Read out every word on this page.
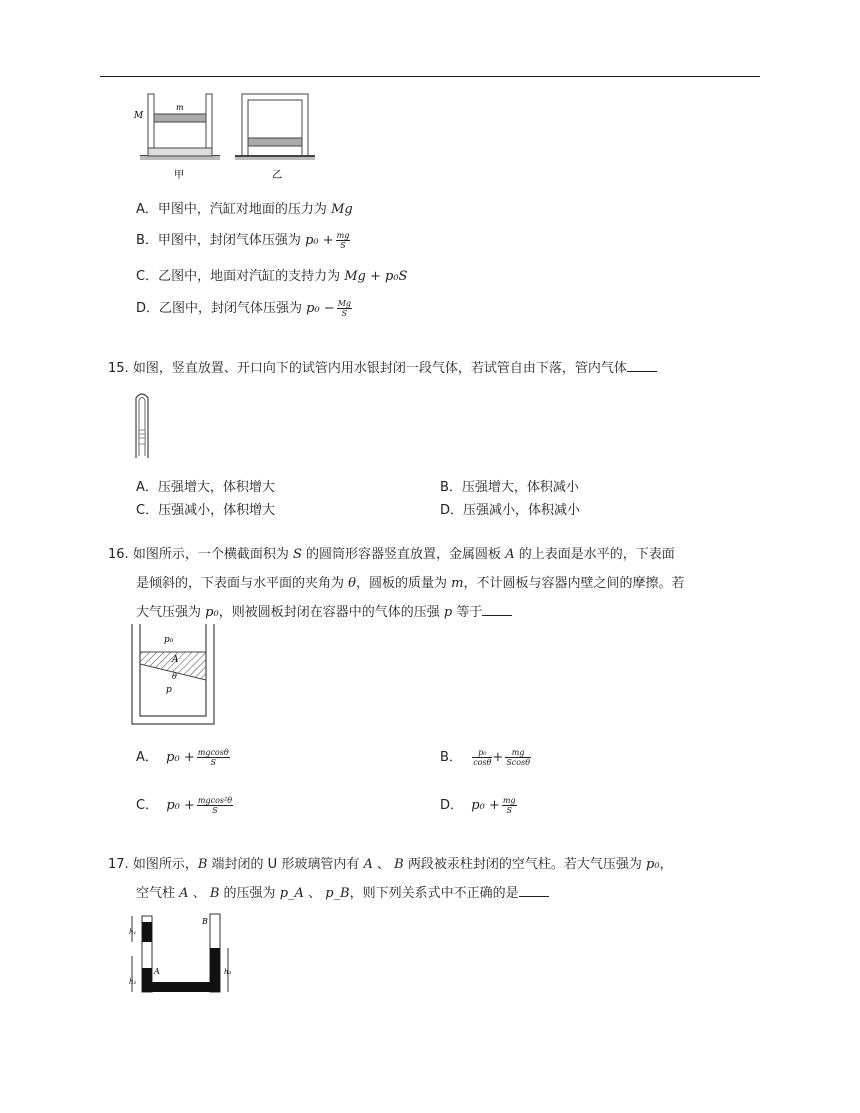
m
M
甲	乙
A．甲图中，汽缸对地面的压力为 Mg
B．甲图中，封闭气体压强为 $p_0 + \frac{mg}{S}$
C．乙图中，地面对汽缸的支持力为 Mg + p₀S
D．乙图中，封闭气体压强为 $p_0 - \frac{Mg}{S}$
15. 如图，竖直放置、开口向下的试管内用水银封闭一段气体，若试管自由下落，管内气体
A．压强增大，体积增大	B．压强增大，体积减小
C．压强减小，体积增大	D．压强减小，体积减小
16. 如图所示，一个横截面积为 S 的圆筒形容器竖直放置，金属圆板 A 的上表面是水平的，下表面
是倾斜的，下表面与水平面的夹角为 θ，圆板的质量为 m，不计圆板与容器内壁之间的摩擦。若
大气压强为 p₀，则被圆板封闭在容器中的气体的压强 p 等于
p₀
A
θ
p
A． $p_0 + \frac{mgcos\theta}{S}$	B． $\frac{\text{p₀}}{\cos\theta} + \frac{mg}{Scos\theta}$
C． $p_0 + \frac{\text{mgcos²θ}}{S}$	D． $p_0 + \frac{mg}{S}$
17. 如图所示，B 端封闭的 U 形玻璃管内有 A 、 B 两段被汞柱封闭的空气柱。若大气压强为 p₀，
空气柱 A 、 B 的压强为 p_A 、 p_B，则下列关系式中不正确的是
h₁
h₂
A
B
h₃
